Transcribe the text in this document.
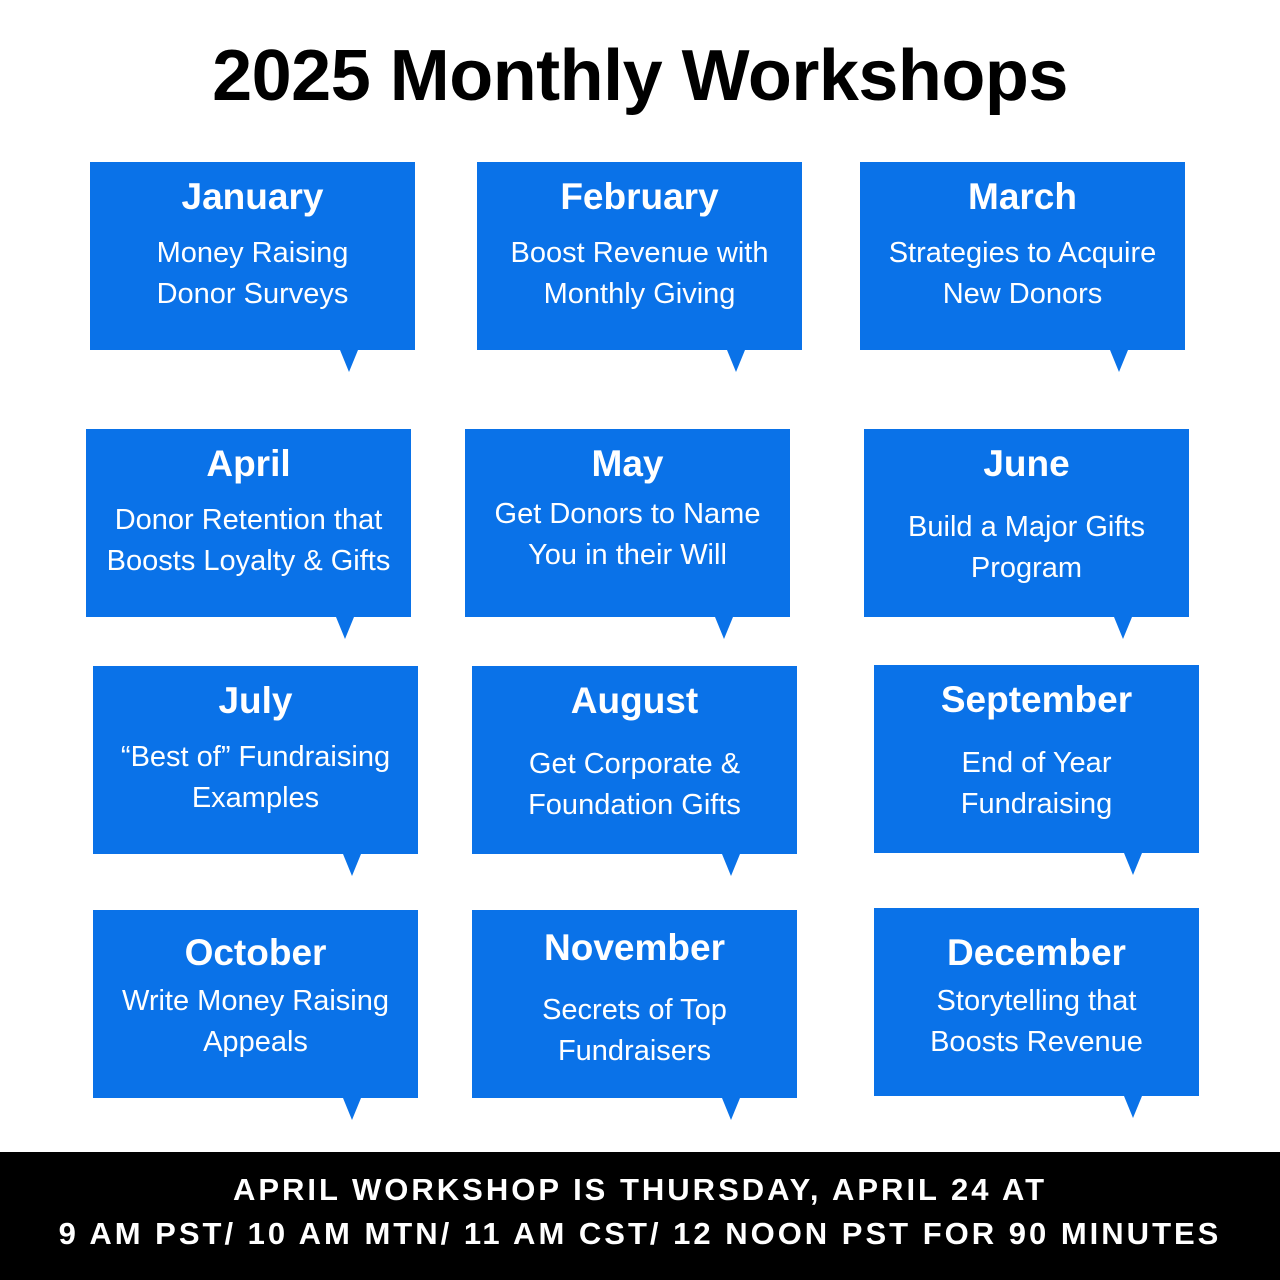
2025 Monthly Workshops
January
Money Raising
Donor Surveys
February
Boost Revenue with
Monthly Giving
March
Strategies to Acquire
New Donors
April
Donor Retention that
Boosts Loyalty & Gifts
May
Get Donors to Name
You in their Will
June
Build a Major Gifts
Program
July
“Best of” Fundraising
Examples
August
Get Corporate &
Foundation Gifts
September
End of Year
Fundraising
October
Write Money Raising
Appeals
November
Secrets of Top
Fundraisers
December
Storytelling that
Boosts Revenue
APRIL WORKSHOP IS THURSDAY, APRIL 24 AT
9 AM PST/ 10 AM MTN/ 11 AM CST/ 12 NOON PST FOR 90 MINUTES
